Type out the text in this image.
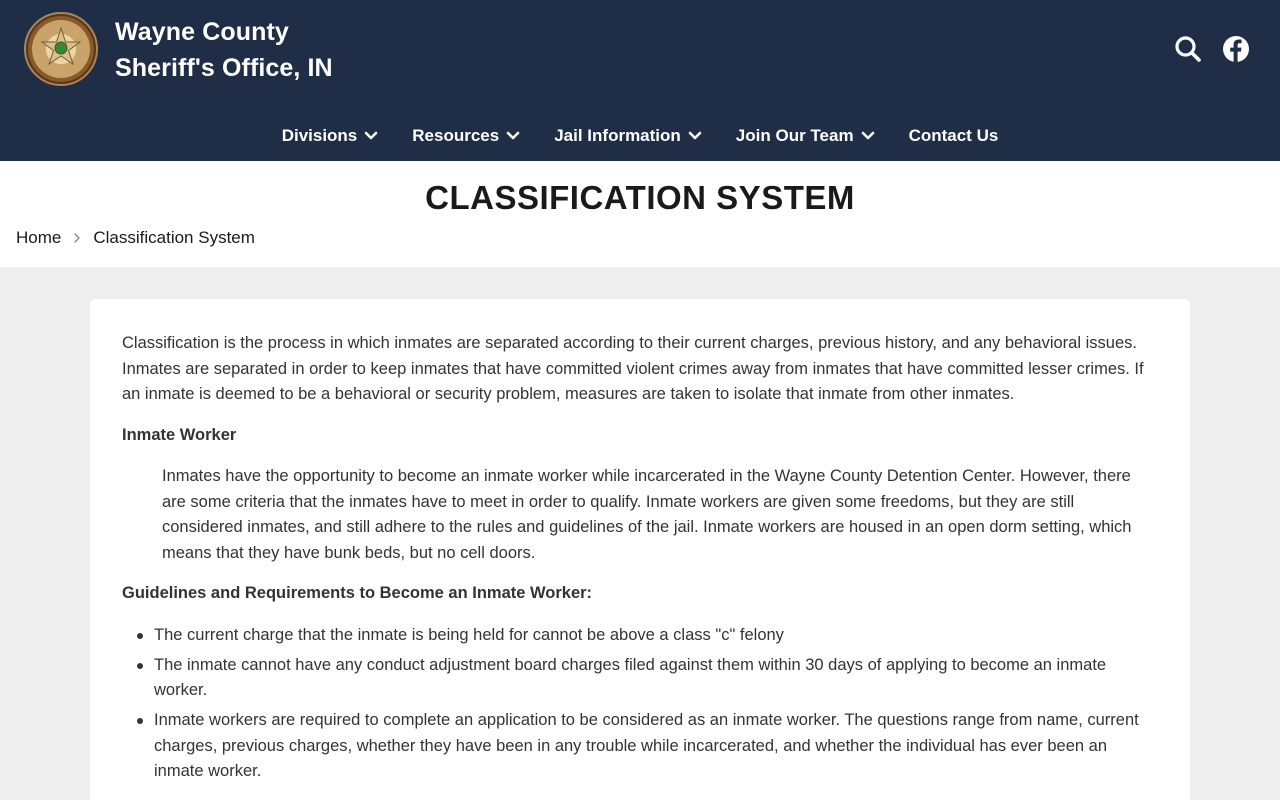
Wayne County
Sheriff's Office, IN
Divisions	Resources	Jail Information	Join Our Team	Contact Us
CLASSIFICATION SYSTEM
Home Classification System

Classification is the process in which inmates are separated according to their current charges, previous history, and any behavioral issues. Inmates are separated in order to keep inmates that have committed violent crimes away from inmates that have committed lesser crimes. If an inmate is deemed to be a behavioral or security problem, measures are taken to isolate that inmate from other inmates.

Inmate Worker

Inmates have the opportunity to become an inmate worker while incarcerated in the Wayne County Detention Center. However, there are some criteria that the inmates have to meet in order to qualify. Inmate workers are given some freedoms, but they are still considered inmates, and still adhere to the rules and guidelines of the jail. Inmate workers are housed in an open dorm setting, which means that they have bunk beds, but no cell doors.

Guidelines and Requirements to Become an Inmate Worker:

The current charge that the inmate is being held for cannot be above a class "c" felony
The inmate cannot have any conduct adjustment board charges filed against them within 30 days of applying to become an inmate worker.
Inmate workers are required to complete an application to be considered as an inmate worker. The questions range from name, current charges, previous charges, whether they have been in any trouble while incarcerated, and whether the individual has ever been an inmate worker.
